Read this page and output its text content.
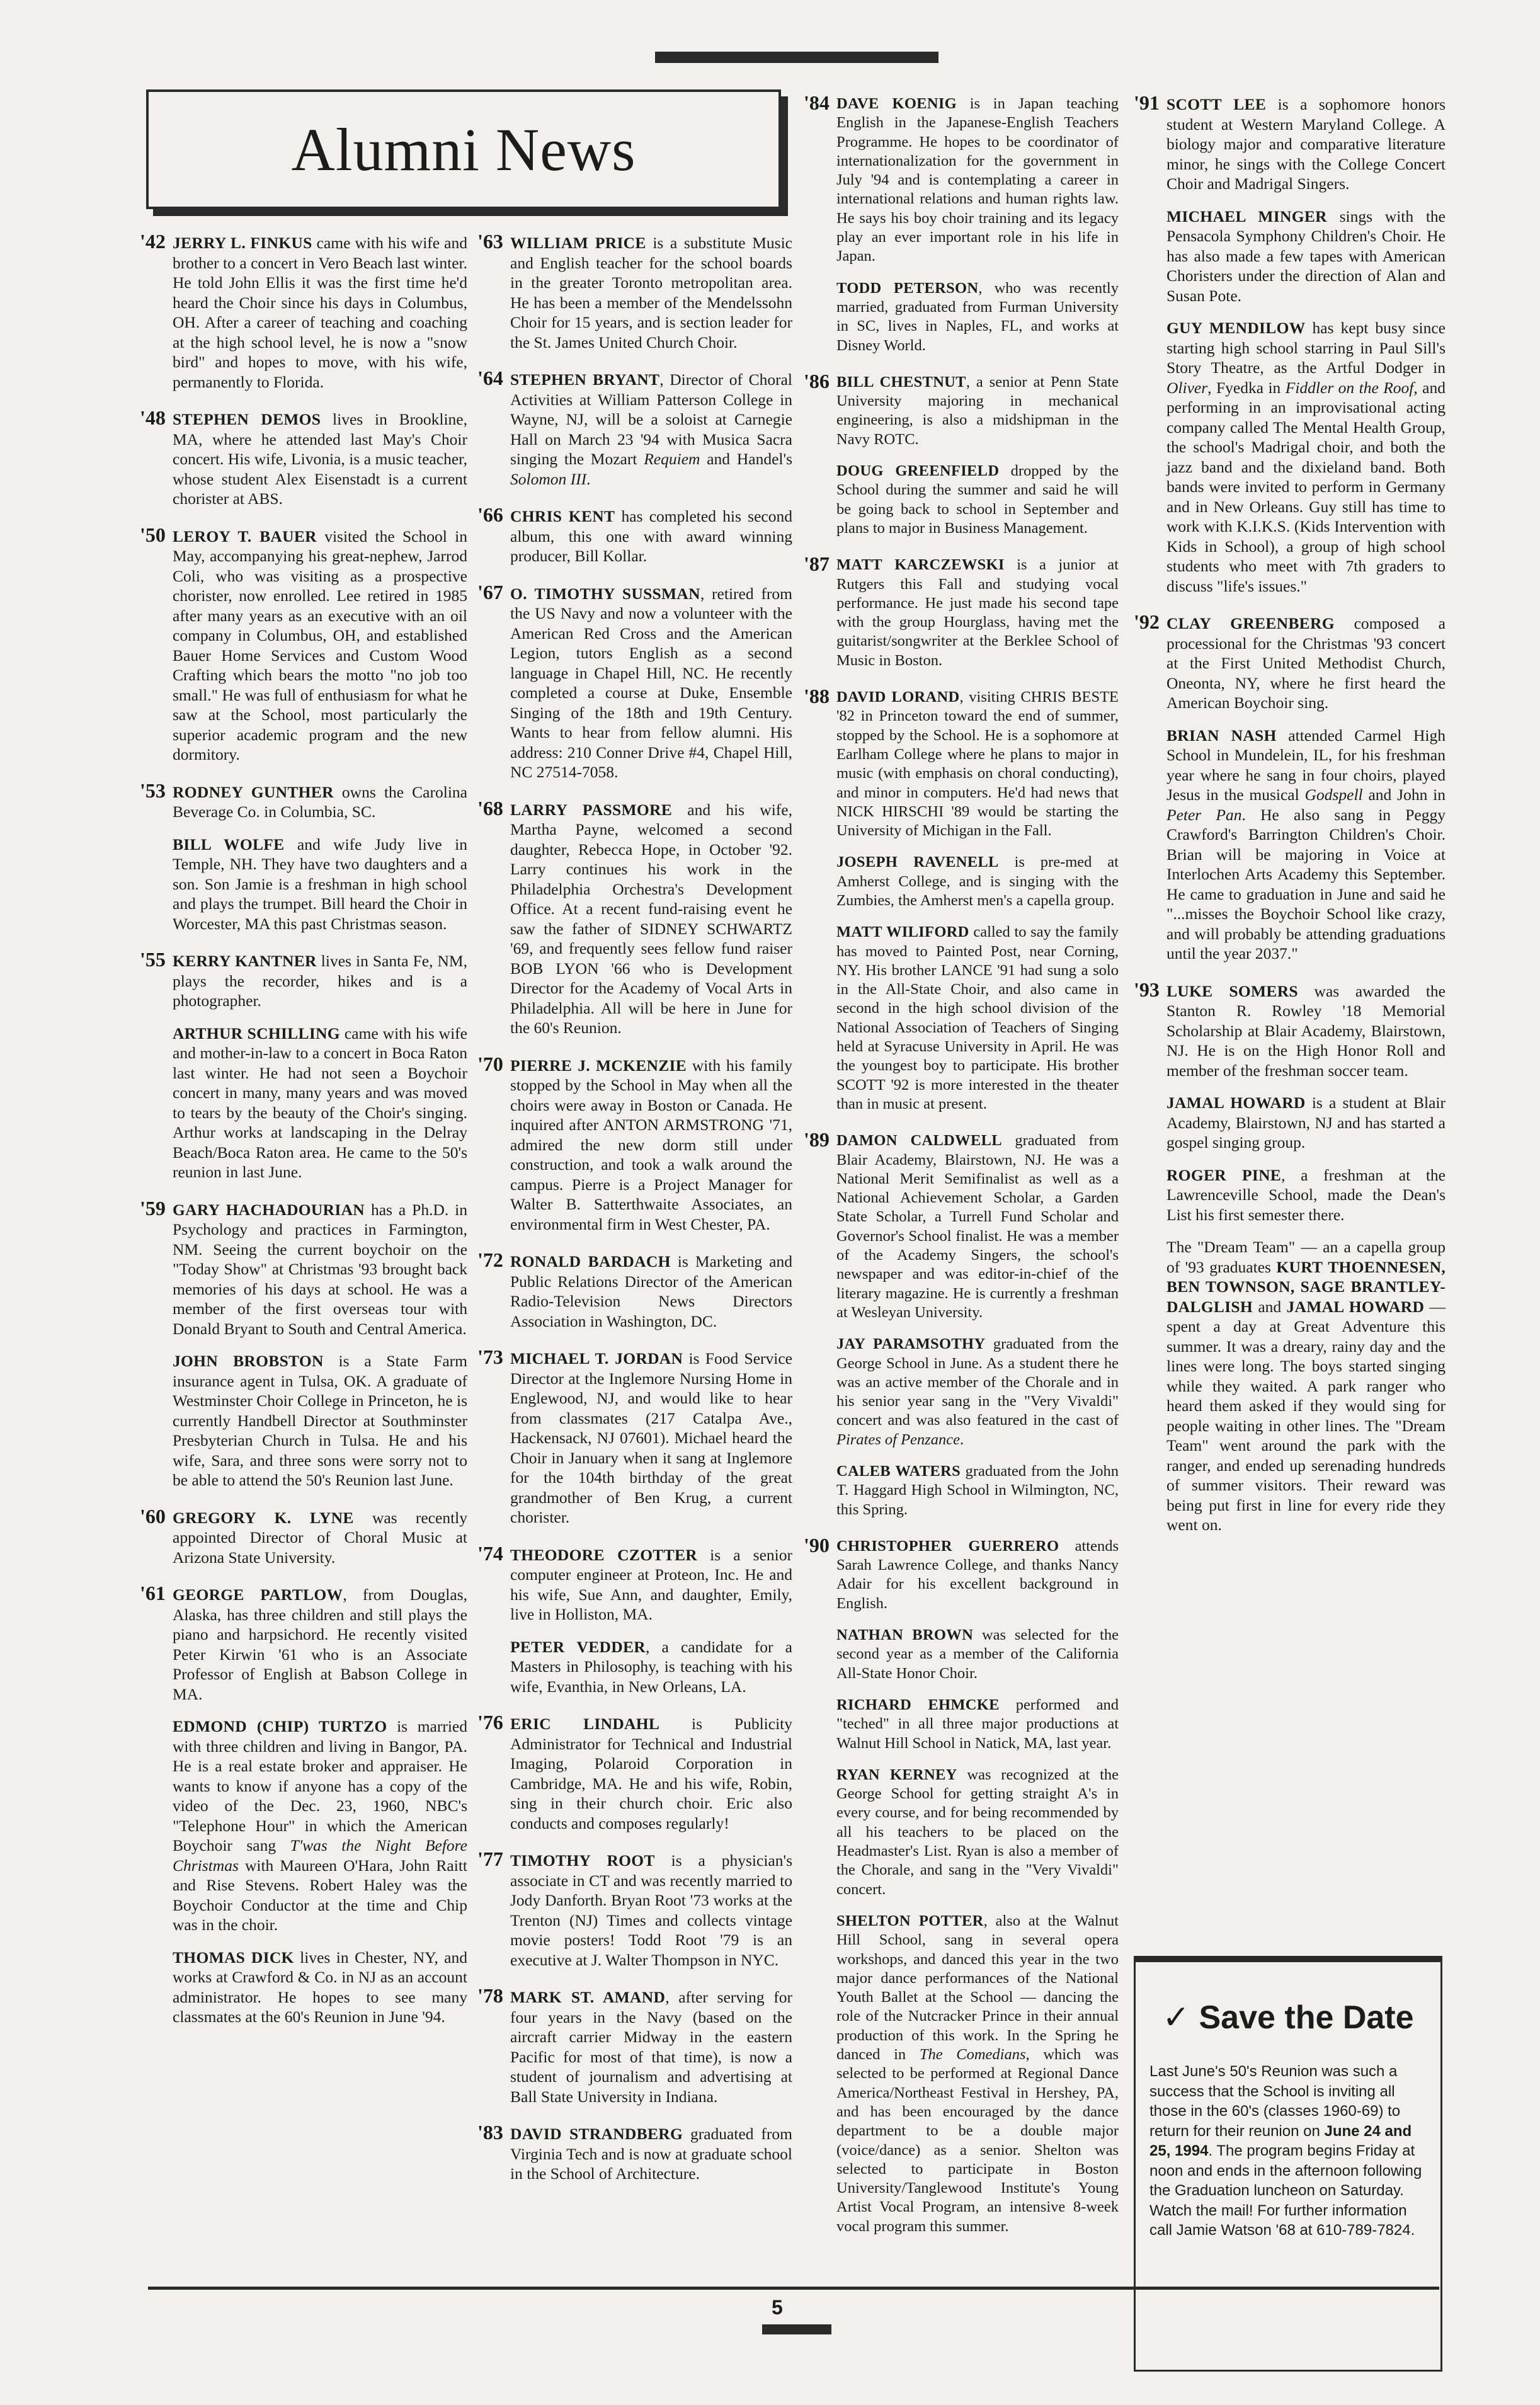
Alumni News
'42 JERRY L. FINKUS came with his wife and brother to a concert in Vero Beach last winter. He told John Ellis it was the first time he'd heard the Choir since his days in Columbus, OH. After a career of teaching and coaching at the high school level, he is now a "snow bird" and hopes to move, with his wife, permanently to Florida.

'48 STEPHEN DEMOS lives in Brookline, MA, where he attended last May's Choir concert. His wife, Livonia, is a music teacher, whose student Alex Eisenstadt is a current chorister at ABS.

'50 LEROY T. BAUER visited the School in May, accompanying his great-nephew, Jarrod Coli, who was visiting as a prospective chorister, now enrolled. Lee retired in 1985 after many years as an executive with an oil company in Columbus, OH, and established Bauer Home Services and Custom Wood Crafting which bears the motto "no job too small." He was full of enthusiasm for what he saw at the School, most particularly the superior academic program and the new dormitory.

'53 RODNEY GUNTHER owns the Carolina Beverage Co. in Columbia, SC.

BILL WOLFE and wife Judy live in Temple, NH. They have two daughters and a son. Son Jamie is a freshman in high school and plays the trumpet. Bill heard the Choir in Worcester, MA this past Christmas season.

'55 KERRY KANTNER lives in Santa Fe, NM, plays the recorder, hikes and is a photographer.

ARTHUR SCHILLING came with his wife and mother-in-law to a concert in Boca Raton last winter. He had not seen a Boychoir concert in many, many years and was moved to tears by the beauty of the Choir's singing. Arthur works at landscaping in the Delray Beach/Boca Raton area. He came to the 50's reunion in last June.

'59 GARY HACHADOURIAN has a Ph.D. in Psychology and practices in Farmington, NM. Seeing the current boychoir on the "Today Show" at Christmas '93 brought back memories of his days at school. He was a member of the first overseas tour with Donald Bryant to South and Central America.

JOHN BROBSTON is a State Farm insurance agent in Tulsa, OK. A graduate of Westminster Choir College in Princeton, he is currently Handbell Director at Southminster Presbyterian Church in Tulsa. He and his wife, Sara, and three sons were sorry not to be able to attend the 50's Reunion last June.

'60 GREGORY K. LYNE was recently appointed Director of Choral Music at Arizona State University.

'61 GEORGE PARTLOW, from Douglas, Alaska, has three children and still plays the piano and harpsichord. He recently visited Peter Kirwin '61 who is an Associate Professor of English at Babson College in MA.

EDMOND (CHIP) TURTZO is married with three children and living in Bangor, PA. He is a real estate broker and appraiser. He wants to know if anyone has a copy of the video of the Dec. 23, 1960, NBC's "Telephone Hour" in which the American Boychoir sang T'was the Night Before Christmas with Maureen O'Hara, John Raitt and Rise Stevens. Robert Haley was the Boychoir Conductor at the time and Chip was in the choir.

THOMAS DICK lives in Chester, NY, and works at Crawford & Co. in NJ as an account administrator. He hopes to see many classmates at the 60's Reunion in June '94.

'63 WILLIAM PRICE is a substitute Music and English teacher for the school boards in the greater Toronto metropolitan area. He has been a member of the Mendelssohn Choir for 15 years, and is section leader for the St. James United Church Choir.

'64 STEPHEN BRYANT, Director of Choral Activities at William Patterson College in Wayne, NJ, will be a soloist at Carnegie Hall on March 23 '94 with Musica Sacra singing the Mozart Requiem and Handel's Solomon III.

'66 CHRIS KENT has completed his second album, this one with award winning producer, Bill Kollar.

'67 O. TIMOTHY SUSSMAN, retired from the US Navy and now a volunteer with the American Red Cross and the American Legion, tutors English as a second language in Chapel Hill, NC. He recently completed a course at Duke, Ensemble Singing of the 18th and 19th Century. Wants to hear from fellow alumni. His address: 210 Conner Drive #4, Chapel Hill, NC 27514-7058.

'68 LARRY PASSMORE and his wife, Martha Payne, welcomed a second daughter, Rebecca Hope, in October '92. Larry continues his work in the Philadelphia Orchestra's Development Office. At a recent fund-raising event he saw the father of SIDNEY SCHWARTZ '69, and frequently sees fellow fund raiser BOB LYON '66 who is Development Director for the Academy of Vocal Arts in Philadelphia. All will be here in June for the 60's Reunion.

'70 PIERRE J. MCKENZIE with his family stopped by the School in May when all the choirs were away in Boston or Canada. He inquired after ANTON ARMSTRONG '71, admired the new dorm still under construction, and took a walk around the campus. Pierre is a Project Manager for Walter B. Satterthwaite Associates, an environmental firm in West Chester, PA.

'72 RONALD BARDACH is Marketing and Public Relations Director of the American Radio-Television News Directors Association in Washington, DC.

'73 MICHAEL T. JORDAN is Food Service Director at the Inglemore Nursing Home in Englewood, NJ, and would like to hear from classmates (217 Catalpa Ave., Hackensack, NJ 07601). Michael heard the Choir in January when it sang at Inglemore for the 104th birthday of the great grandmother of Ben Krug, a current chorister.

'74 THEODORE CZOTTER is a senior computer engineer at Proteon, Inc. He and his wife, Sue Ann, and daughter, Emily, live in Holliston, MA.

PETER VEDDER, a candidate for a Masters in Philosophy, is teaching with his wife, Evanthia, in New Orleans, LA.

'76 ERIC LINDAHL is Publicity Administrator for Technical and Industrial Imaging, Polaroid Corporation in Cambridge, MA. He and his wife, Robin, sing in their church choir. Eric also conducts and composes regularly!

'77 TIMOTHY ROOT is a physician's associate in CT and was recently married to Jody Danforth. Bryan Root '73 works at the Trenton (NJ) Times and collects vintage movie posters! Todd Root '79 is an executive at J. Walter Thompson in NYC.

'78 MARK ST. AMAND, after serving for four years in the Navy (based on the aircraft carrier Midway in the eastern Pacific for most of that time), is now a student of journalism and advertising at Ball State University in Indiana.

'83 DAVID STRANDBERG graduated from Virginia Tech and is now at graduate school in the School of Architecture.

'84 DAVE KOENIG is in Japan teaching English in the Japanese-English Teachers Programme. He hopes to be coordinator of internationalization for the government in July '94 and is contemplating a career in international relations and human rights law. He says his boy choir training and its legacy play an ever important role in his life in Japan.

TODD PETERSON, who was recently married, graduated from Furman University in SC, lives in Naples, FL, and works at Disney World.

'86 BILL CHESTNUT, a senior at Penn State University majoring in mechanical engineering, is also a midshipman in the Navy ROTC.

DOUG GREENFIELD dropped by the School during the summer and said he will be going back to school in September and plans to major in Business Management.

'87 MATT KARCZEWSKI is a junior at Rutgers this Fall and studying vocal performance. He just made his second tape with the group Hourglass, having met the guitarist/songwriter at the Berklee School of Music in Boston.

'88 DAVID LORAND, visiting CHRIS BESTE '82 in Princeton toward the end of summer, stopped by the School. He is a sophomore at Earlham College where he plans to major in music (with emphasis on choral conducting), and minor in computers. He'd had news that NICK HIRSCHI '89 would be starting the University of Michigan in the Fall.

JOSEPH RAVENELL is pre-med at Amherst College, and is singing with the Zumbies, the Amherst men's a capella group.

MATT WILIFORD called to say the family has moved to Painted Post, near Corning, NY. His brother LANCE '91 had sung a solo in the All-State Choir, and also came in second in the high school division of the National Association of Teachers of Singing held at Syracuse University in April. He was the youngest boy to participate. His brother SCOTT '92 is more interested in the theater than in music at present.

'89 DAMON CALDWELL graduated from Blair Academy, Blairstown, NJ. He was a National Merit Semifinalist as well as a National Achievement Scholar, a Garden State Scholar, a Turrell Fund Scholar and Governor's School finalist. He was a member of the Academy Singers, the school's newspaper and was editor-in-chief of the literary magazine. He is currently a freshman at Wesleyan University.

JAY PARAMSOTHY graduated from the George School in June. As a student there he was an active member of the Chorale and in his senior year sang in the "Very Vivaldi" concert and was also featured in the cast of Pirates of Penzance.

CALEB WATERS graduated from the John T. Haggard High School in Wilmington, NC, this Spring.

'90 CHRISTOPHER GUERRERO attends Sarah Lawrence College, and thanks Nancy Adair for his excellent background in English.

NATHAN BROWN was selected for the second year as a member of the California All-State Honor Choir.

RICHARD EHMCKE performed and "teched" in all three major productions at Walnut Hill School in Natick, MA, last year.

RYAN KERNEY was recognized at the George School for getting straight A's in every course, and for being recommended by all his teachers to be placed on the Headmaster's List. Ryan is also a member of the Chorale, and sang in the "Very Vivaldi" concert.

SHELTON POTTER, also at the Walnut Hill School, sang in several opera workshops, and danced this year in the two major dance performances of the National Youth Ballet at the School — dancing the role of the Nutcracker Prince in their annual production of this work. In the Spring he danced in The Comedians, which was selected to be performed at Regional Dance America/Northeast Festival in Hershey, PA, and has been encouraged by the dance department to be a double major (voice/dance) as a senior. Shelton was selected to participate in Boston University/Tanglewood Institute's Young Artist Vocal Program, an intensive 8-week vocal program this summer.

'91 SCOTT LEE is a sophomore honors student at Western Maryland College. A biology major and comparative literature minor, he sings with the College Concert Choir and Madrigal Singers.

MICHAEL MINGER sings with the Pensacola Symphony Children's Choir. He has also made a few tapes with American Choristers under the direction of Alan and Susan Pote.

GUY MENDILOW has kept busy since starting high school starring in Paul Sill's Story Theatre, as the Artful Dodger in Oliver, Fyedka in Fiddler on the Roof, and performing in an improvisational acting company called The Mental Health Group, the school's Madrigal choir, and both the jazz band and the dixieland band. Both bands were invited to perform in Germany and in New Orleans. Guy still has time to work with K.I.K.S. (Kids Intervention with Kids in School), a group of high school students who meet with 7th graders to discuss "life's issues."

'92 CLAY GREENBERG composed a processional for the Christmas '93 concert at the First United Methodist Church, Oneonta, NY, where he first heard the American Boychoir sing.

BRIAN NASH attended Carmel High School in Mundelein, IL, for his freshman year where he sang in four choirs, played Jesus in the musical Godspell and John in Peter Pan. He also sang in Peggy Crawford's Barrington Children's Choir. Brian will be majoring in Voice at Interlochen Arts Academy this September. He came to graduation in June and said he "...misses the Boychoir School like crazy, and will probably be attending graduations until the year 2037."

'93 LUKE SOMERS was awarded the Stanton R. Rowley '18 Memorial Scholarship at Blair Academy, Blairstown, NJ. He is on the High Honor Roll and member of the freshman soccer team.

JAMAL HOWARD is a student at Blair Academy, Blairstown, NJ and has started a gospel singing group.

ROGER PINE, a freshman at the Lawrenceville School, made the Dean's List his first semester there.

The "Dream Team" — an a capella group of '93 graduates KURT THOENNESEN, BEN TOWNSON, SAGE BRANTLEY-DALGLISH and JAMAL HOWARD — spent a day at Great Adventure this summer. It was a dreary, rainy day and the lines were long. The boys started singing while they waited. A park ranger who heard them asked if they would sing for people waiting in other lines. The "Dream Team" went around the park with the ranger, and ended up serenading hundreds of summer visitors. Their reward was being put first in line for every ride they went on.

✓ Save the Date

Last June's 50's Reunion was such a success that the School is inviting all those in the 60's (classes 1960-69) to return for their reunion on June 24 and 25, 1994. The program begins Friday at noon and ends in the afternoon following the Graduation luncheon on Saturday. Watch the mail! For further information call Jamie Watson '68 at 610-789-7824.

5
